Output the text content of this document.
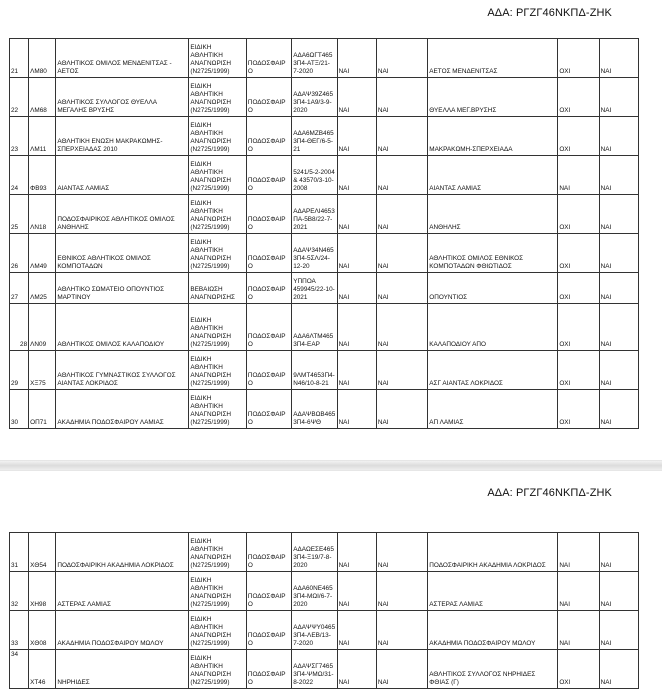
ΑΔΑ: ΡΓΖΓ46ΝΚΠΔ-ΖΗΚ
21	ΛΜ80	ΑΘΛΗΤΙΚΟΣ ΟΜΙΛΟΣ ΜΕΝΔΕΝΙΤΣΑΣ - ΑΕΤΟΣ	ΕΙΔΙΚΗ
ΑΘΛΗΤΙΚΗ
ΑΝΑΓΝΩΡΙΣΗ
(Ν2725/1999)	ΠΟΔΟΣΦΑΙΡΟ	ΑΔΑ6ΩΓΤ4653Π4-ΑΤΞ/21-7-2020	ΝΑΙ	ΝΑΙ	ΑΕΤΟΣ ΜΕΝΔΕΝΙΤΣΑΣ	ΟΧΙ	ΝΑΙ
22	ΛΜ68	ΑΘΛΗΤΙΚΟΣ ΣΥΛΛΟΓΟΣ ΘΥΕΛΛΑ ΜΕΓΑΛΗΣ ΒΡΥΣΗΣ	ΕΙΔΙΚΗ
ΑΘΛΗΤΙΚΗ
ΑΝΑΓΝΩΡΙΣΗ
(Ν2725/1999)	ΠΟΔΟΣΦΑΙΡΟ	ΑΔΑΨ39Ζ4653Π4-1Α9/3-9-2020	ΝΑΙ	ΝΑΙ	ΘΥΕΛΛΑ ΜΕΓ.ΒΡΥΣΗΣ	ΟΧΙ	ΝΑΙ
23	ΛΜ11	ΑΘΛΗΤΙΚΗ ΕΝΩΣΗ ΜΑΚΡΑΚΩΜΗΣ-ΣΠΕΡΧΕΙΑΔΑΣ 2010	ΕΙΔΙΚΗ
ΑΘΛΗΤΙΚΗ
ΑΝΑΓΝΩΡΙΣΗ
(Ν2725/1999)	ΠΟΔΟΣΦΑΙΡΟ	ΑΔΑ6ΜΖΒ4653Π4-ΘΕΓ/6-5-21	ΝΑΙ	ΝΑΙ	ΜΑΚΡΑΚΩΜΗ-ΣΠΕΡΧΕΙΑΔΑ	ΟΧΙ	ΝΑΙ
24	ΦΒ93	ΑΙΑΝΤΑΣ ΛΑΜΙΑΣ	ΕΙΔΙΚΗ
ΑΘΛΗΤΙΚΗ
ΑΝΑΓΝΩΡΙΣΗ
(Ν2725/1999)	ΠΟΔΟΣΦΑΙΡΟ	5241/5-2-2004 & 43570/3-10-2008	ΝΑΙ	ΝΑΙ	ΑΙΑΝΤΑΣ ΛΑΜΙΑΣ	ΝΑΙ	ΝΑΙ
25	ΛΝ18	ΠΟΔΟΣΦΑΙΡΙΚΟΣ ΑΘΛΗΤΙΚΟΣ ΟΜΙΛΟΣ ΑΝΘΗΛΗΣ	ΕΙΔΙΚΗ
ΑΘΛΗΤΙΚΗ
ΑΝΑΓΝΩΡΙΣΗ
(Ν2725/1999)	ΠΟΔΟΣΦΑΙΡΟ	ΑΔΑΡΕΛΙ4653ΠΑ-5Β8/22-7-2021	ΝΑΙ	ΝΑΙ	ΑΝΘΗΛΗΣ	ΟΧΙ	ΝΑΙ
26	ΛΜ49	ΕΘΝΙΚΟΣ ΑΘΛΗΤΙΚΟΣ ΟΜΙΛΟΣ ΚΟΜΠΟΤΑΔΩΝ	ΕΙΔΙΚΗ
ΑΘΛΗΤΙΚΗ
ΑΝΑΓΝΩΡΙΣΗ
(Ν2725/1999)	ΠΟΔΟΣΦΑΙΡΟ	ΑΔΑΨ34Ν4653Π4-5ΣΛ/24-12-20	ΝΑΙ	ΝΑΙ	ΑΘΛΗΤΙΚΟΣ ΟΜΙΛΟΣ ΕΘΝΙΚΟΣ ΚΟΜΠΟΤΑΔΩΝ ΦΘΙΩΤΙΔΟΣ	ΟΧΙ	ΝΑΙ
27	ΛΜ25	ΑΘΛΗΤΙΚΟ ΣΩΜΑΤΕΙΟ ΟΠΟΥΝΤΙΟΣ ΜΑΡΤΙΝΟΥ	ΒΕΒΑΙΩΣΗ
ΑΝΑΓΝΩΡΙΣΗΣ	ΠΟΔΟΣΦΑΙΡΟ	ΥΠΠΟΑ 459945/22-10-2021	ΝΑΙ	ΝΑΙ	ΟΠΟΥΝΤΙΟΣ	ΟΧΙ	ΝΑΙ
28	ΛΝ09	ΑΘΛΗΤΙΚΟΣ ΟΜΙΛΟΣ ΚΑΛΑΠΟΔΙΟΥ	ΕΙΔΙΚΗ
ΑΘΛΗΤΙΚΗ
ΑΝΑΓΝΩΡΙΣΗ
(Ν2725/1999)	ΠΟΔΟΣΦΑΙΡΟ	ΑΔΑ6ΛΤΜ4653Π4-ΕΑΡ	ΝΑΙ	ΝΑΙ	ΚΑΛΑΠΟΔΙΟΥ ΑΠΟ	ΟΧΙ	ΝΑΙ
29	ΧΞ75	ΑΘΛΗΤΙΚΟΣ ΓΥΜΝΑΣΤΙΚΟΣ ΣΥΛΛΟΓΟΣ ΑΙΑΝΤΑΣ ΛΟΚΡΙΔΟΣ	ΕΙΔΙΚΗ
ΑΘΛΗΤΙΚΗ
ΑΝΑΓΝΩΡΙΣΗ
(Ν2725/1999)	ΠΟΔΟΣΦΑΙΡΟ	9ΛΜΤ4653Π4-Ν46/10-8-21	ΝΑΙ	ΝΑΙ	ΑΣΓ ΑΙΑΝΤΑΣ ΛΟΚΡΙΔΟΣ	ΟΧΙ	ΝΑΙ
30	ΟΠ71	ΑΚΑΔΗΜΙΑ ΠΟΔΟΣΦΑΙΡΟΥ ΛΑΜΙΑΣ	ΕΙΔΙΚΗ
ΑΘΛΗΤΙΚΗ
ΑΝΑΓΝΩΡΙΣΗ
(Ν2725/1999)	ΠΟΔΟΣΦΑΙΡΟ	ΑΔΑΨΒΩΒ4653Π4-6ΨΘ	ΝΑΙ	ΝΑΙ	ΑΠ ΛΑΜΙΑΣ	ΟΧΙ	ΝΑΙ
ΑΔΑ: ΡΓΖΓ46ΝΚΠΔ-ΖΗΚ
31	ΧΘ54	ΠΟΔΟΣΦΑΙΡΙΚΗ ΑΚΑΔΗΜΙΑ ΛΟΚΡΙΔΟΣ	ΕΙΔΙΚΗ
ΑΘΛΗΤΙΚΗ
ΑΝΑΓΝΩΡΙΣΗ
(Ν2725/1999)	ΠΟΔΟΣΦΑΙΡΟ	ΑΔΑΩΕΣΕ4653Π4-Ξ19/7-8-2020	ΝΑΙ	ΝΑΙ	ΠΟΔΟΣΦΑΙΡΙΚΗ ΑΚΑΔΗΜΙΑ ΛΟΚΡΙΔΟΣ	ΝΑΙ	ΝΑΙ
32	ΧΗ98	ΑΣΤΕΡΑΣ ΛΑΜΙΑΣ	ΕΙΔΙΚΗ
ΑΘΛΗΤΙΚΗ
ΑΝΑΓΝΩΡΙΣΗ
(Ν2725/1999)	ΠΟΔΟΣΦΑΙΡΟ	ΑΔΑ60ΝΕ4653Π4-ΜΩΙ/6-7-2020	ΝΑΙ	ΝΑΙ	ΑΣΤΕΡΑΣ ΛΑΜΙΑΣ	ΝΑΙ	ΝΑΙ
33	ΧΘ08	ΑΚΑΔΗΜΙΑ ΠΟΔΟΣΦΑΙΡΟΥ ΜΩΛΟΥ	ΕΙΔΙΚΗ
ΑΘΛΗΤΙΚΗ
ΑΝΑΓΝΩΡΙΣΗ
(Ν2725/1999)	ΠΟΔΟΣΦΑΙΡΟ	ΑΔΑΨΨΥ04653Π4-ΛΕΒ/13-7-2020	ΝΑΙ	ΝΑΙ	ΑΚΑΔΗΜΙΑ ΠΟΔΟΣΦΑΙΡΟΥ ΜΩΛΟΥ	ΝΑΙ	ΝΑΙ
34	ΧΤ46	ΝΗΡΗΙΔΕΣ	ΕΙΔΙΚΗ
ΑΘΛΗΤΙΚΗ
ΑΝΑΓΝΩΡΙΣΗ
(Ν2725/1999)	ΠΟΔΟΣΦΑΙΡΟ	ΑΔΑΨΣΓ74653Π4-ΨΜΩ/31-8-2022	ΝΑΙ	ΝΑΙ	ΑΘΛΗΤΙΚΟΣ ΣΥΛΛΟΓΟΣ ΝΗΡΗΙΔΕΣ ΦΘΙΑΣ (Γ)	ΟΧΙ	ΝΑΙ
